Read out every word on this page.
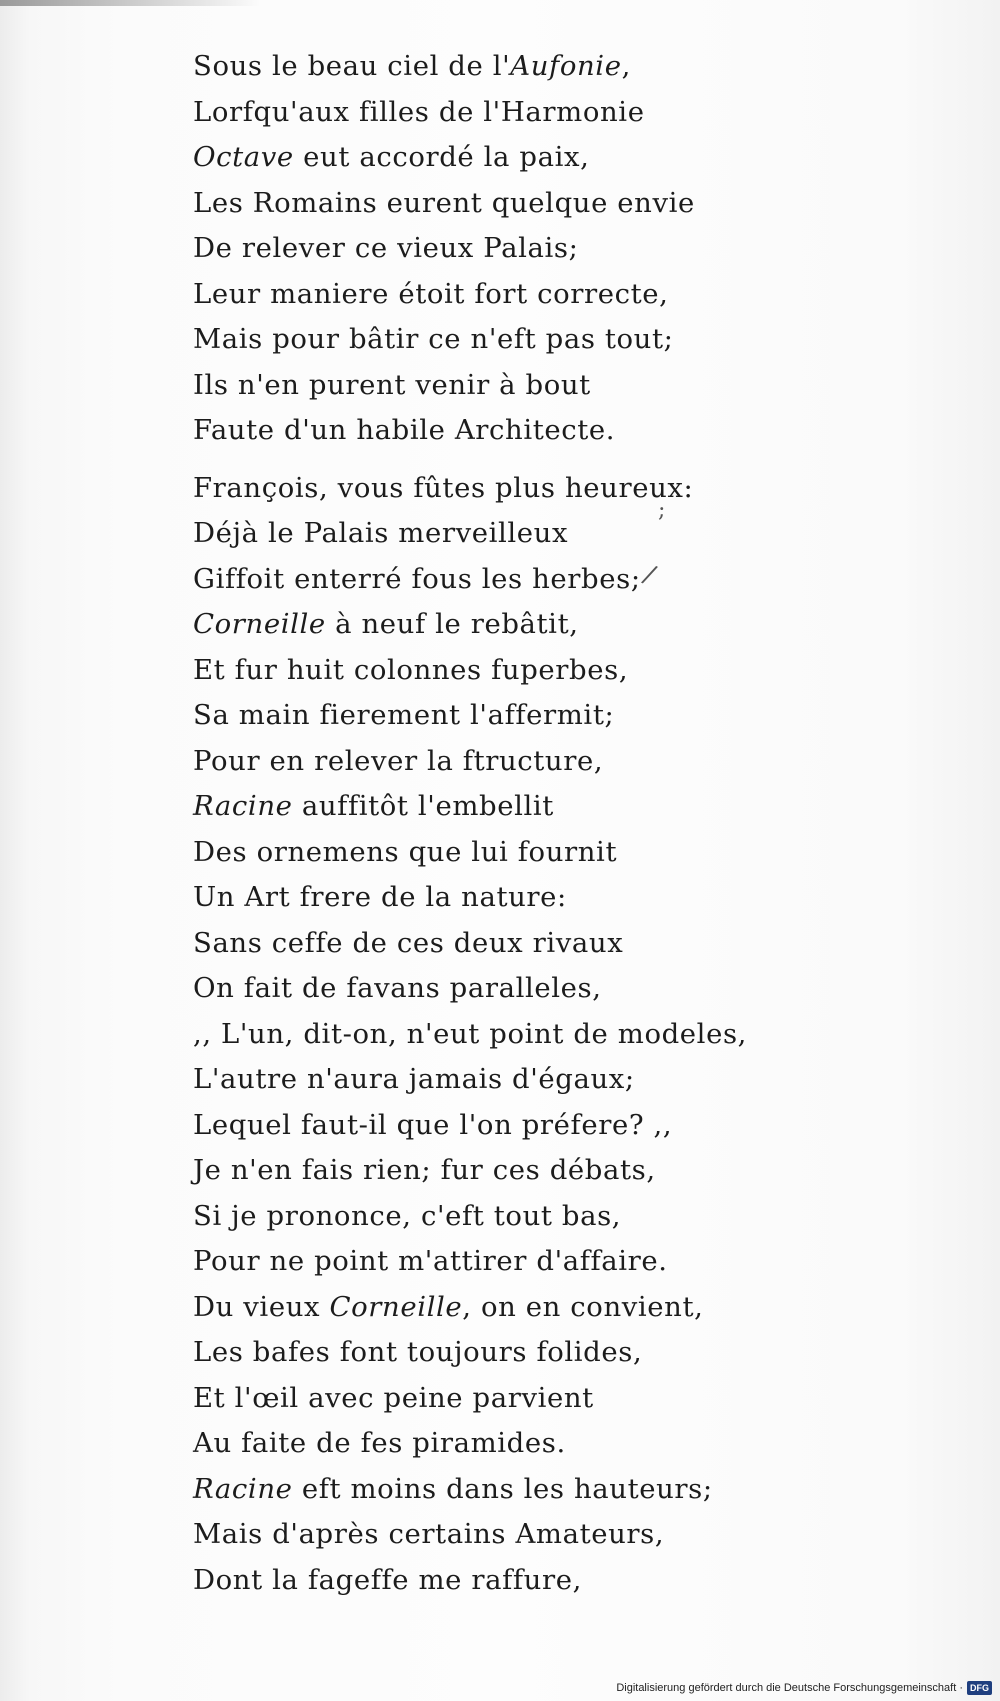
Sous le beau ciel de l'Aufonie,
Lorfqu'aux filles de l'Harmonie
Octave eut accordé la paix,
Les Romains eurent quelque envie
De relever ce vieux Palais;
Leur maniere étoit fort correcte,
Mais pour bâtir ce n'eft pas tout;
Ils n'en purent venir à bout
Faute d'un habile Architecte.
François, vous fûtes plus heureux:
Déjà le Palais merveilleux
Giffoit enterré fous les herbes;
Corneille à neuf le rebâtit,
Et fur huit colonnes fuperbes,
Sa main fierement l'affermit;
Pour en relever la ftructure,
Racine auffitôt l'embellit
Des ornemens que lui fournit
Un Art frere de la nature:
Sans ceffe de ces deux rivaux
On fait de favans paralleles,
,, L'un, dit-on, n'eut point de modeles,
L'autre n'aura jamais d'égaux;
Lequel faut-il que l'on préfere? ,,
Je n'en fais rien; fur ces débats,
Si je prononce, c'eft tout bas,
Pour ne point m'attirer d'affaire.
Du vieux Corneille, on en convient,
Les bafes font toujours folides,
Et l'œil avec peine parvient
Au faite de fes piramides.
Racine eft moins dans les hauteurs;
Mais d'après certains Amateurs,
Dont la fageffe me raffure,
;
/
Digitalisierung gefördert durch die Deutsche Forschungsgemeinschaft · DFG
